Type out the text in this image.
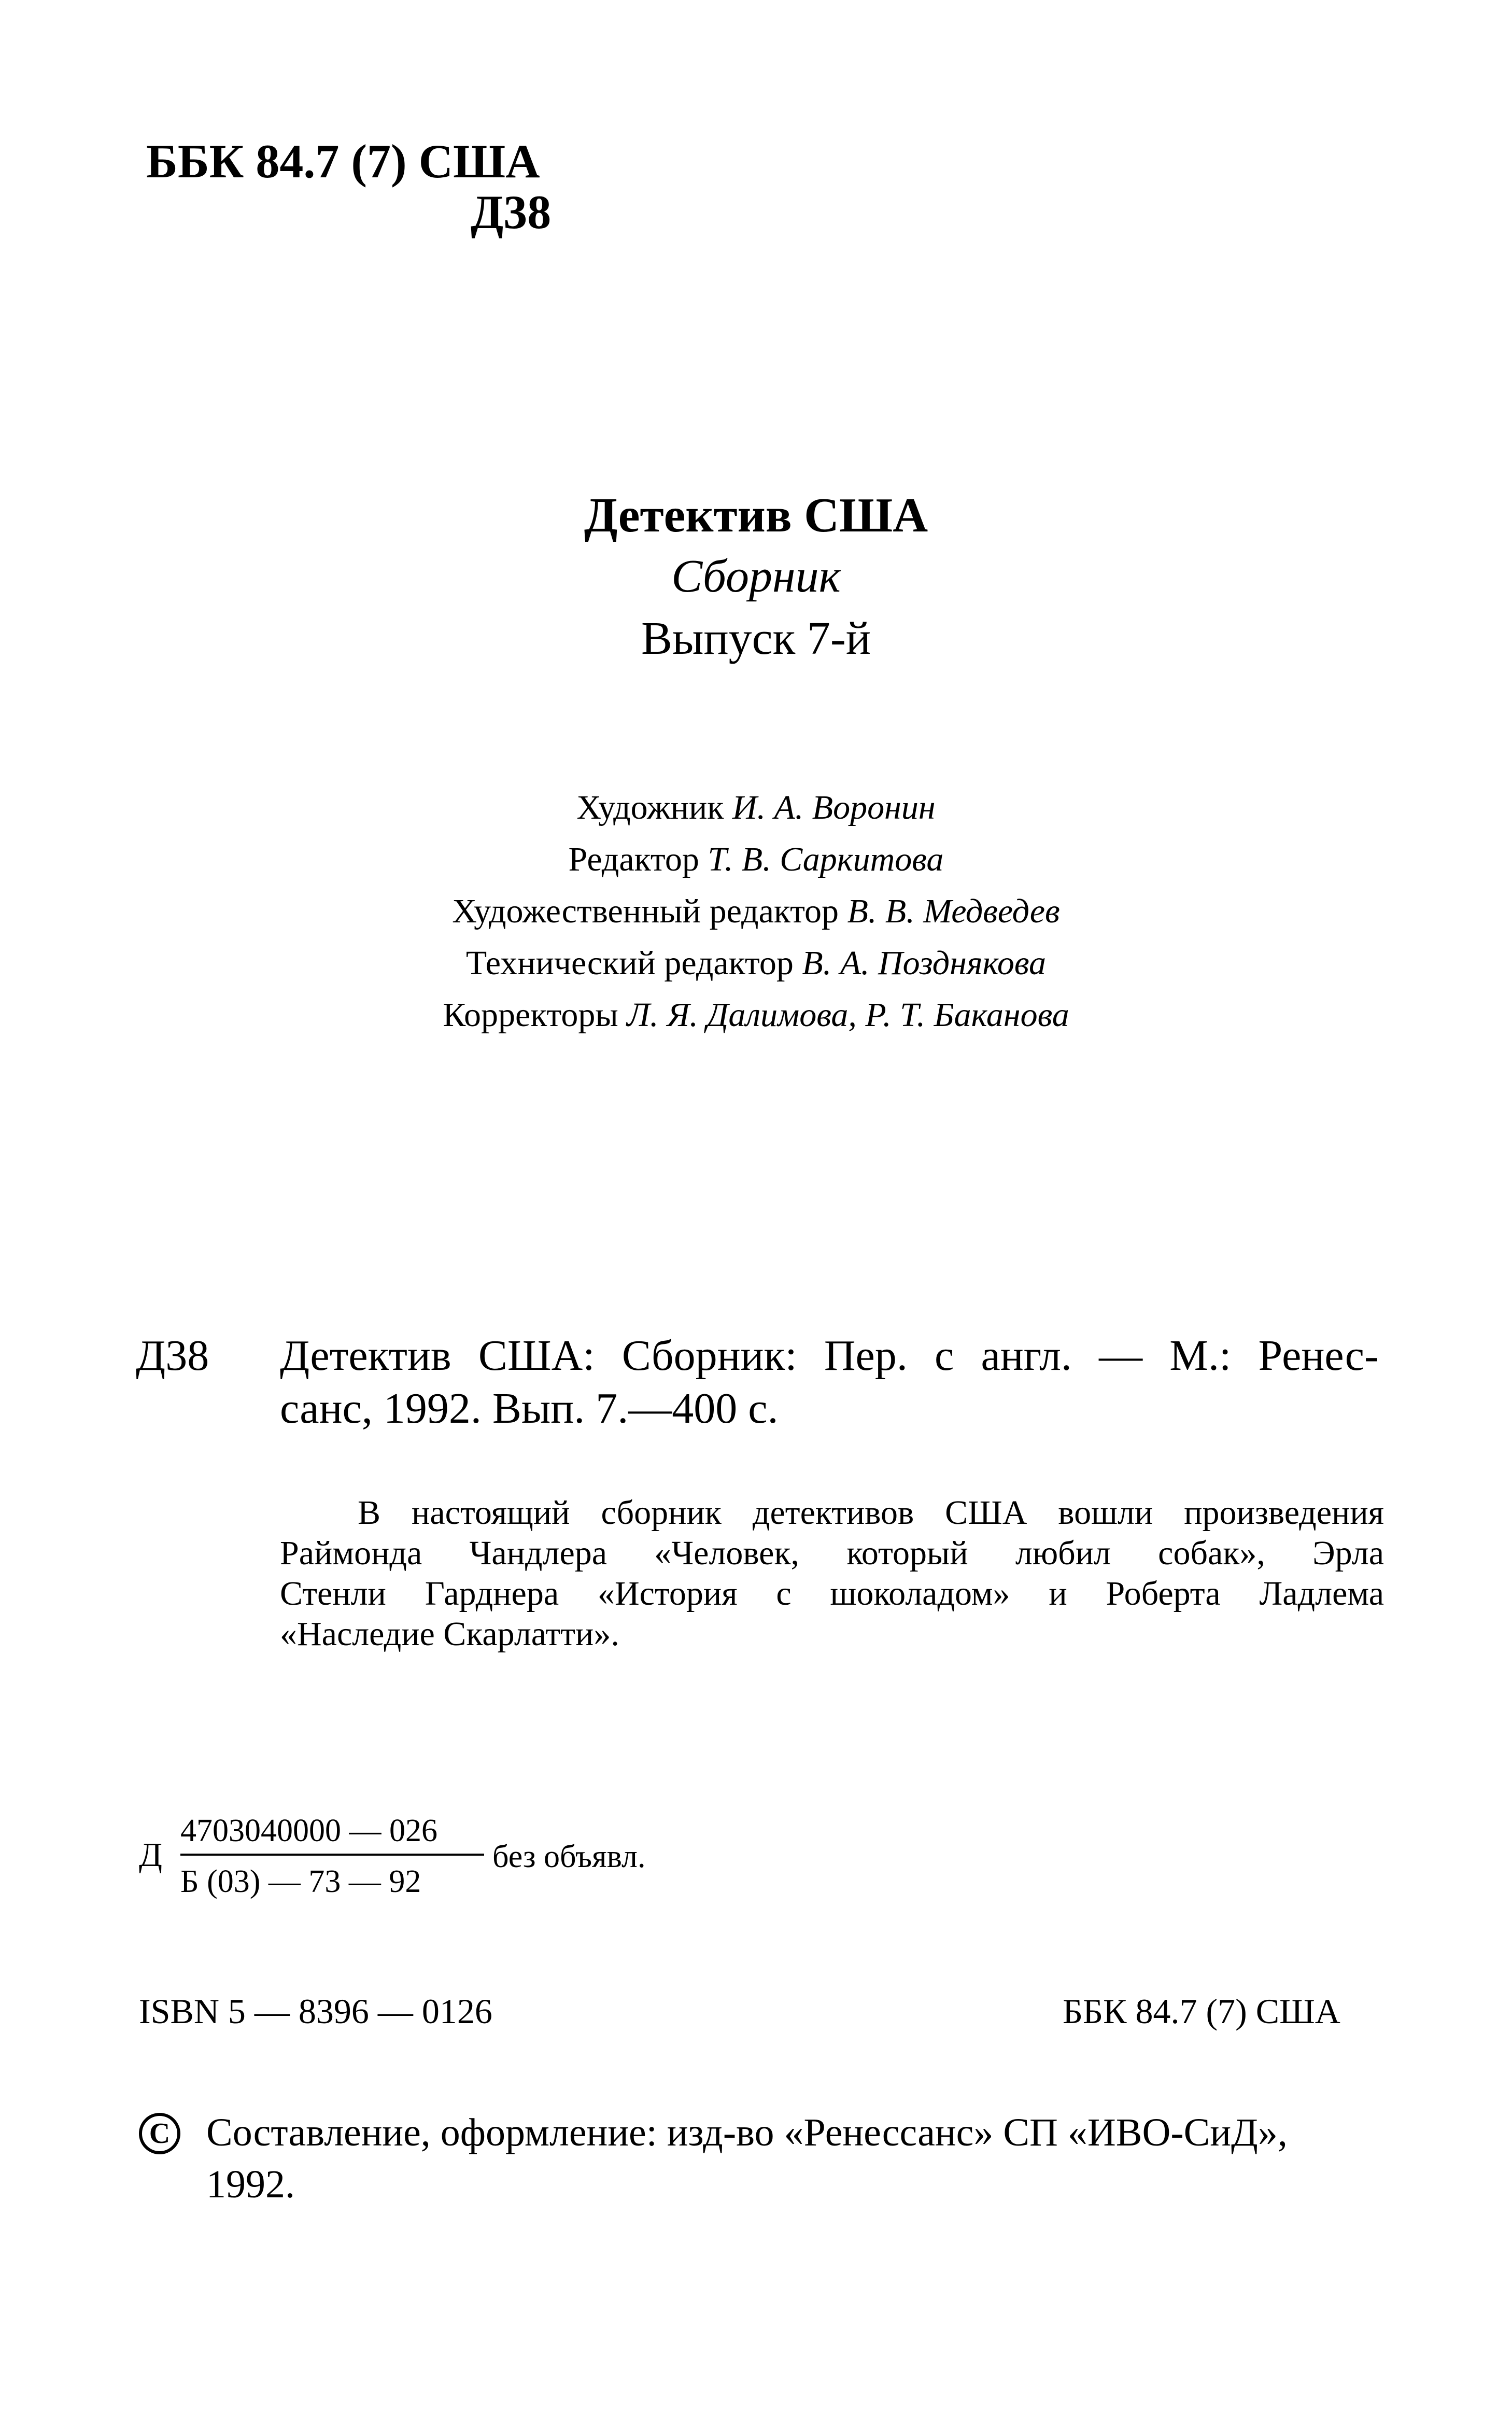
ББК 84.7 (7) США
Д38
Детектив США
Сборник
Выпуск 7-й
Художник И. А. Воронин
Редактор Т. В. Саркитова
Художественный редактор В. В. Медведев
Технический редактор В. А. Позднякова
Корректоры Л. Я. Далимова, Р. Т. Баканова
Д38 Детектив США: Сборник: Пер. с англ. — М.: Ренес-
санс, 1992. Вып. 7.—400 с.
В настоящий сборник детективов США вошли произведения
Раймонда Чандлера «Человек, который любил собак», Эрла
Стенли Гарднера «История с шоколадом» и Роберта Ладлема
«Наследие Скарлатти».
Д
4703040000 — 026
Б (03) — 73 — 92
без объявл.
ISBN 5 — 8396 — 0126	ББК 84.7 (7) США
C Составление, оформление: изд-во «Ренессанс» СП «ИВО-СиД»,
1992.
